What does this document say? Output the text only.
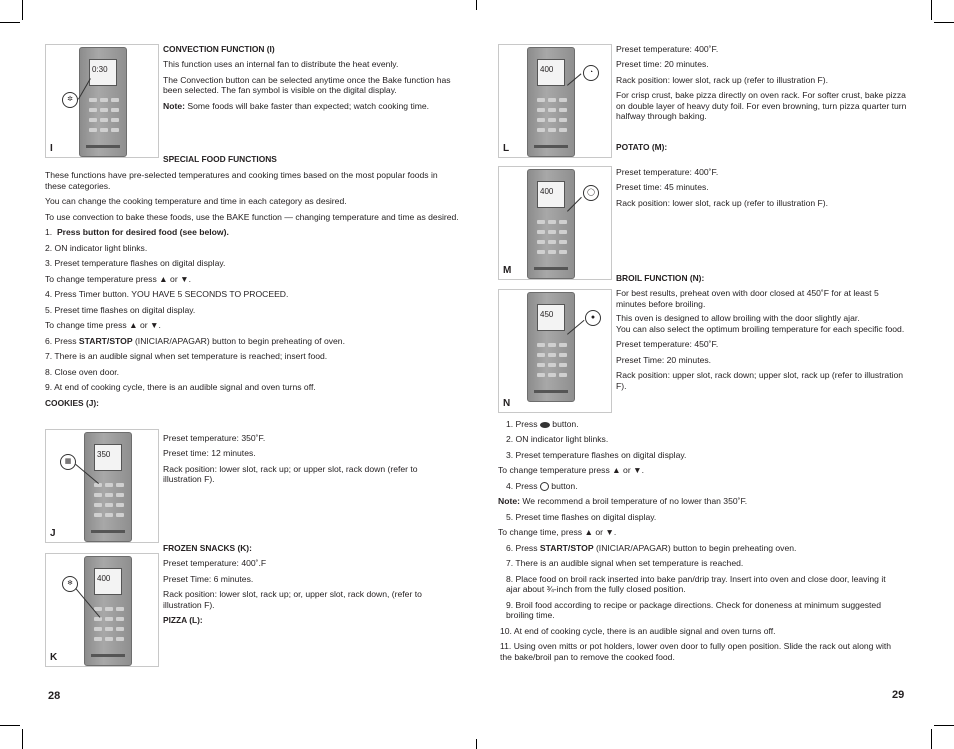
0:30
✲
I

CONVECTION FUNCTION (I)

This function uses an internal fan to distribute the heat evenly.

The Convection button can be selected anytime once the Bake function has been selected. The fan symbol is visible on the digital display.

Note: Some foods will bake faster than expected; watch cooking time.

SPECIAL FOOD FUNCTIONS

These functions have pre-selected temperatures and cooking times based on the most popular foods in these categories.

You can change the cooking temperature and time in each category as desired.

To use convection to bake these foods, use the BAKE function — changing temperature and time as desired.

1. Press button for desired food (see below).

2. ON indicator light blinks.

3. Preset temperature flashes on digital display.

To change temperature press ▲ or ▼.

4. Press Timer button. YOU HAVE 5 SECONDS TO PROCEED.

5. Preset time flashes on digital display.

To change time press ▲ or ▼.

6. Press START/STOP (INICIAR/APAGAR) button to begin preheating of oven.

7. There is an audible signal when set temperature is reached; insert food.

8. Close oven door.

9. At end of cooking cycle, there is an audible signal and oven turns off.

COOKIES (J):

350
▦
J

Preset temperature: 350˚F.

Preset time: 12 minutes.

Rack position: lower slot, rack up; or upper slot, rack down (refer to illustration F).

400
❄
K

FROZEN SNACKS (K):

Preset temperature: 400˚.F

Preset Time: 6 minutes.

Rack position: lower slot, rack up; or, upper slot, rack down, (refer to illustration F).

PIZZA (L):

28
400	◔
L

Preset temperature: 400˚F.

Preset time: 20 minutes.

Rack position: lower slot, rack up (refer to illustration F).

For crisp crust, bake pizza directly on oven rack. For softer crust, bake pizza on double layer of heavy duty foil. For even browning, turn pizza quarter turn halfway through baking.

POTATO (M):

400	◯
M

Preset temperature: 400˚F.

Preset time: 45 minutes.

Rack position: lower slot, rack up (refer to illustration F).

450	●
N

BROIL FUNCTION (N):

For best results, preheat oven with door closed at 450˚F for at least 5 minutes before broiling.

This oven is designed to allow broiling with the door slightly ajar.

You can also select the optimum broiling temperature for each specific food.

Preset temperature: 450˚F.

Preset Time: 20 minutes.

Rack position: upper slot, rack down; upper slot, rack up (refer to illustration F).

1. Press  button.

2. ON indicator light blinks.

3. Preset temperature flashes on digital display.

To change temperature press ▲ or ▼.

4. Press  button.

Note: We recommend a broil temperature of no lower than 350˚F.

5. Preset time flashes on digital display.

To change time, press ▲ or ▼.

6. Press START/STOP (INICIAR/APAGAR) button to begin preheating oven.

7. There is an audible signal when set temperature is reached.

8. Place food on broil rack inserted into bake pan/drip tray. Insert into oven and close door, leaving it ajar about ¾-inch from the fully closed position.

9. Broil food according to recipe or package directions. Check for doneness at minimum suggested broiling time.

10. At end of cooking cycle, there is an audible signal and oven turns off.

11. Using oven mitts or pot holders, lower oven door to fully open position. Slide the rack out along with the bake/broil pan to remove the cooked food.

29
